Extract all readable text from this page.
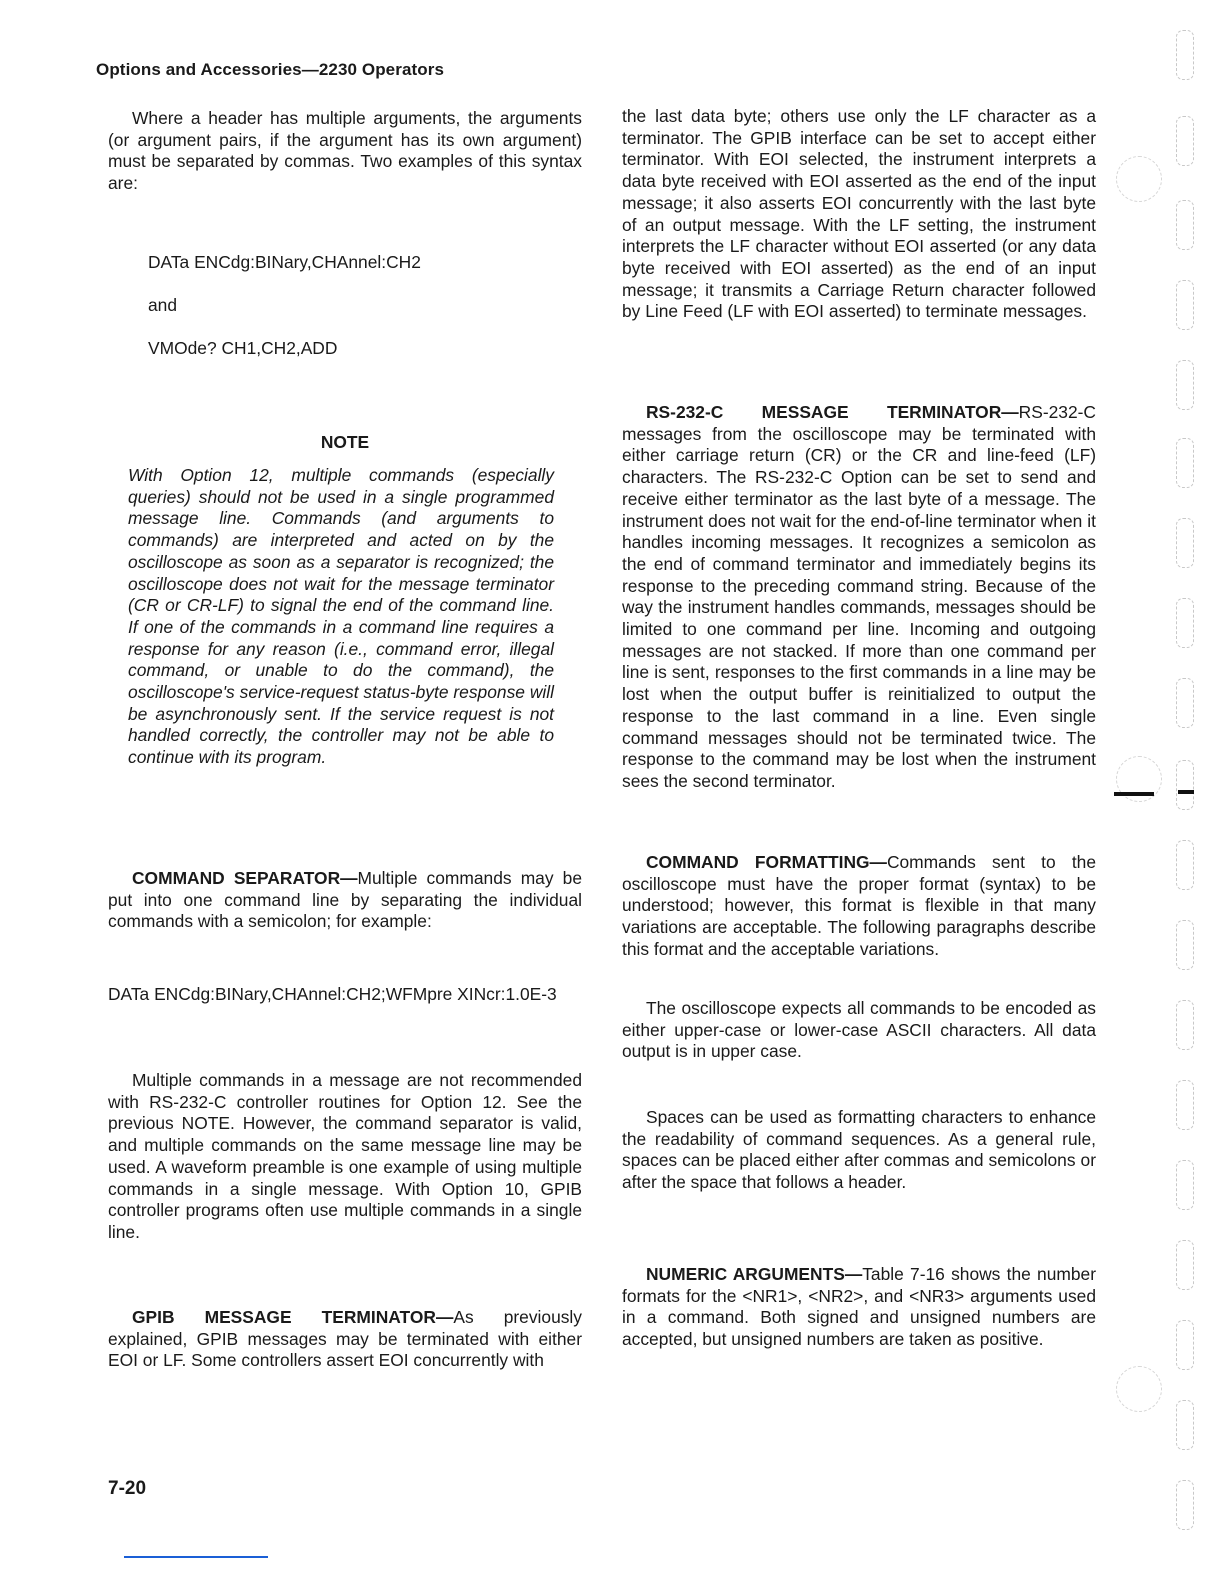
Options and Accessories—2230 Operators

Where a header has multiple arguments, the arguments (or argument pairs, if the argument has its own argument) must be separated by commas. Two examples of this syntax are:

DATa ENCdg:BINary,CHAnnel:CH2
and
VMOde? CH1,CH2,ADD
NOTE

With Option 12, multiple commands (especially queries) should not be used in a single programmed message line. Commands (and arguments to commands) are interpreted and acted on by the oscilloscope as soon as a separator is recognized; the oscilloscope does not wait for the message terminator (CR or CR-LF) to signal the end of the command line. If one of the commands in a command line requires a response for any reason (i.e., command error, illegal command, or unable to do the command), the oscilloscope's service-request status-byte response will be asynchronously sent. If the service request is not handled correctly, the controller may not be able to continue with its program.

COMMAND SEPARATOR—Multiple commands may be put into one command line by separating the individual commands with a semicolon; for example:

DATa ENCdg:BINary,CHAnnel:CH2;WFMpre XINcr:1.0E-3

Multiple commands in a message are not recommended with RS-232-C controller routines for Option 12. See the previous NOTE. However, the command separator is valid, and multiple commands on the same message line may be used. A waveform preamble is one example of using multiple commands in a single message. With Option 10, GPIB controller programs often use multiple commands in a single line.

GPIB MESSAGE TERMINATOR—As previously explained, GPIB messages may be terminated with either EOI or LF. Some controllers assert EOI concurrently with

the last data byte; others use only the LF character as a terminator. The GPIB interface can be set to accept either terminator. With EOI selected, the instrument interprets a data byte received with EOI asserted as the end of the input message; it also asserts EOI concurrently with the last byte of an output message. With the LF setting, the instrument interprets the LF character without EOI asserted (or any data byte received with EOI asserted) as the end of an input message; it transmits a Carriage Return character followed by Line Feed (LF with EOI asserted) to terminate messages.

RS-232-C MESSAGE TERMINATOR—RS-232-C messages from the oscilloscope may be terminated with either carriage return (CR) or the CR and line-feed (LF) characters. The RS-232-C Option can be set to send and receive either terminator as the last byte of a message. The instrument does not wait for the end-of-line terminator when it handles incoming messages. It recognizes a semicolon as the end of command terminator and immediately begins its response to the preceding command string. Because of the way the instrument handles commands, messages should be limited to one command per line. Incoming and outgoing messages are not stacked. If more than one command per line is sent, responses to the first commands in a line may be lost when the output buffer is reinitialized to output the response to the last command in a line. Even single command messages should not be terminated twice. The response to the command may be lost when the instrument sees the second terminator.

COMMAND FORMATTING—Commands sent to the oscilloscope must have the proper format (syntax) to be understood; however, this format is flexible in that many variations are acceptable. The following paragraphs describe this format and the acceptable variations.

The oscilloscope expects all commands to be encoded as either upper-case or lower-case ASCII characters. All data output is in upper case.

Spaces can be used as formatting characters to enhance the readability of command sequences. As a general rule, spaces can be placed either after commas and semicolons or after the space that follows a header.

NUMERIC ARGUMENTS—Table 7-16 shows the number formats for the <NR1>, <NR2>, and <NR3> arguments used in a command. Both signed and unsigned numbers are accepted, but unsigned numbers are taken as positive.

7-20
